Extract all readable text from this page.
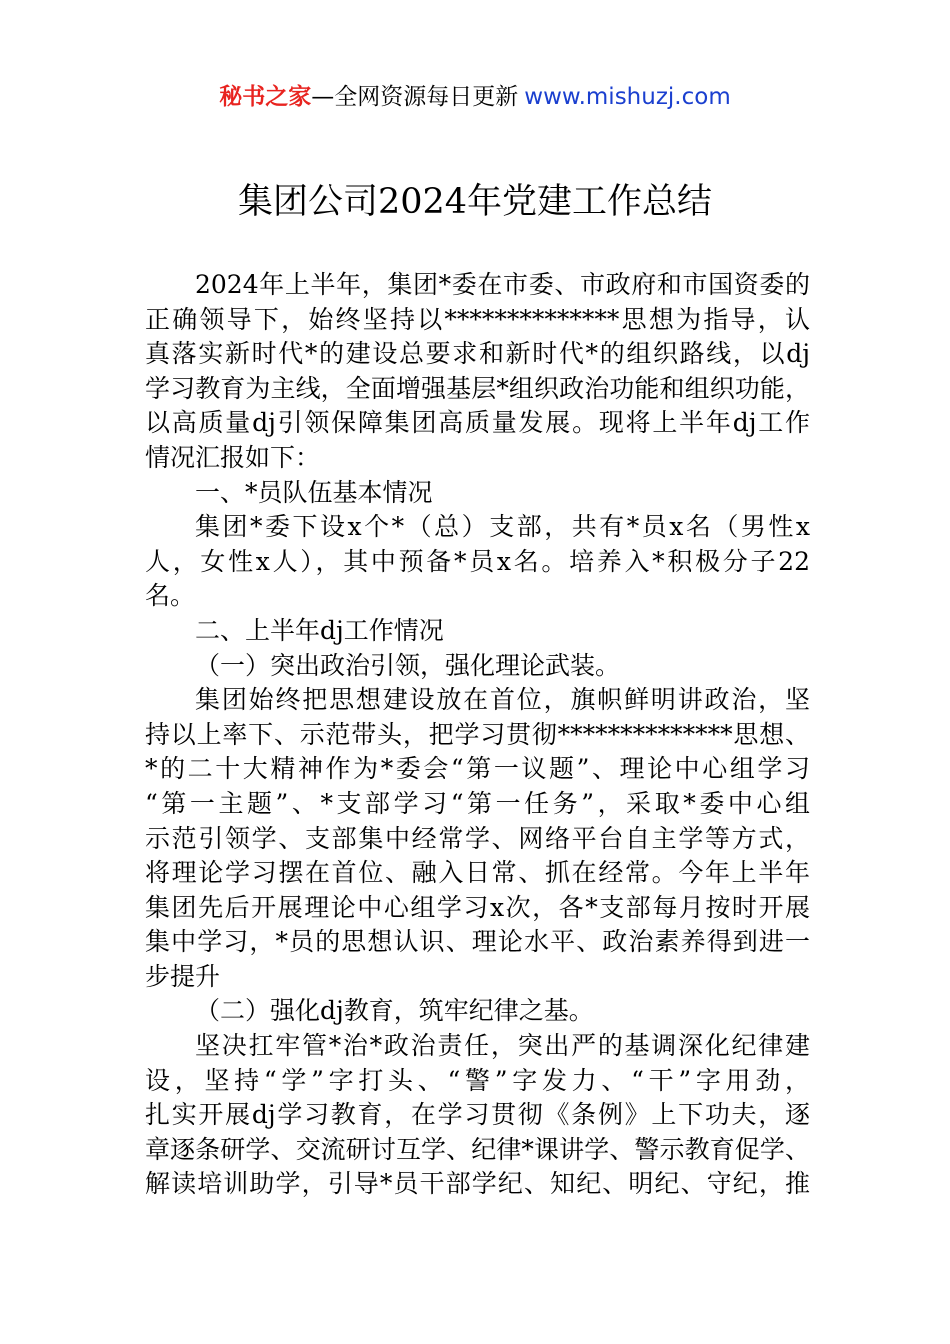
秘书之家—全网资源每日更新 www.mishuzj.com
集团公司2024年党建工作总结
2024年上半年，集团*委在市委、市政府和市国资委的
正确领导下，始终坚持以**************思想为指导，认
真落实新时代*的建设总要求和新时代*的组织路线，以dj
学习教育为主线，全面增强基层*组织政治功能和组织功能，
以高质量dj引领保障集团高质量发展。现将上半年dj工作
情况汇报如下：
一、*员队伍基本情况
集团*委下设x个*（总）支部，共有*员x名（男性x
人，女性x人），其中预备*员x名。培养入*积极分子22
名。
二、上半年dj工作情况
（一）突出政治引领，强化理论武装。
集团始终把思想建设放在首位，旗帜鲜明讲政治，坚
持以上率下、示范带头，把学习贯彻**************思想、
*的二十大精神作为*委会“第一议题”、理论中心组学习
“第一主题”、*支部学习“第一任务”，采取*委中心组
示范引领学、支部集中经常学、网络平台自主学等方式，
将理论学习摆在首位、融入日常、抓在经常。今年上半年
集团先后开展理论中心组学习x次，各*支部每月按时开展
集中学习，*员的思想认识、理论水平、政治素养得到进一
步提升
（二）强化dj教育，筑牢纪律之基。
坚决扛牢管*治*政治责任，突出严的基调深化纪律建
设，坚持“学”字打头、“警”字发力、“干”字用劲，
扎实开展dj学习教育，在学习贯彻《条例》上下功夫，逐
章逐条研学、交流研讨互学、纪律*课讲学、警示教育促学、
解读培训助学，引导*员干部学纪、知纪、明纪、守纪，推
